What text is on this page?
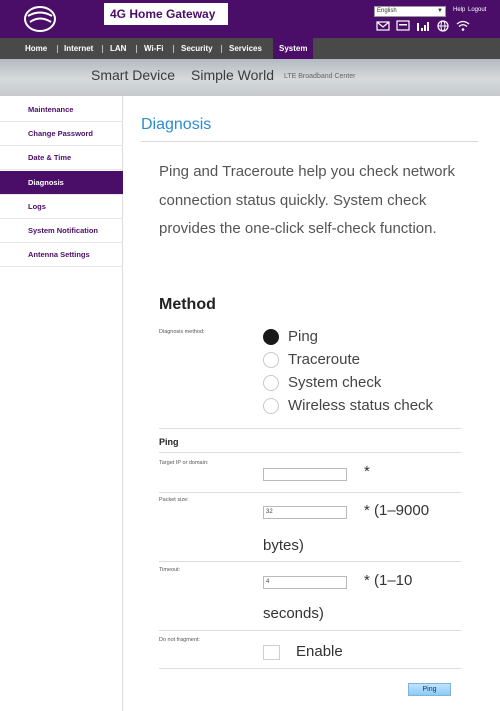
4G Home Gateway	English	▼ Help Logout
Home Internet LAN Wi-Fi Security Services	System
Smart Device Simple World LTE Broadband Center
Maintenance
Change Password
Date & Time
Diagnosis
Logs
System Notification
Antenna Settings
Diagnosis
Ping and Traceroute help you check network connection status quickly. System check provides the one-click self-check function.
Method
Diagnosis method:	Ping
Traceroute
System check
Wireless status check
Ping
Target IP or domain:	*
Packet size:
32	* (1–9000
bytes)
Timeout:
4	* (1–10
seconds)
Do not fragment:
Enable
Ping
